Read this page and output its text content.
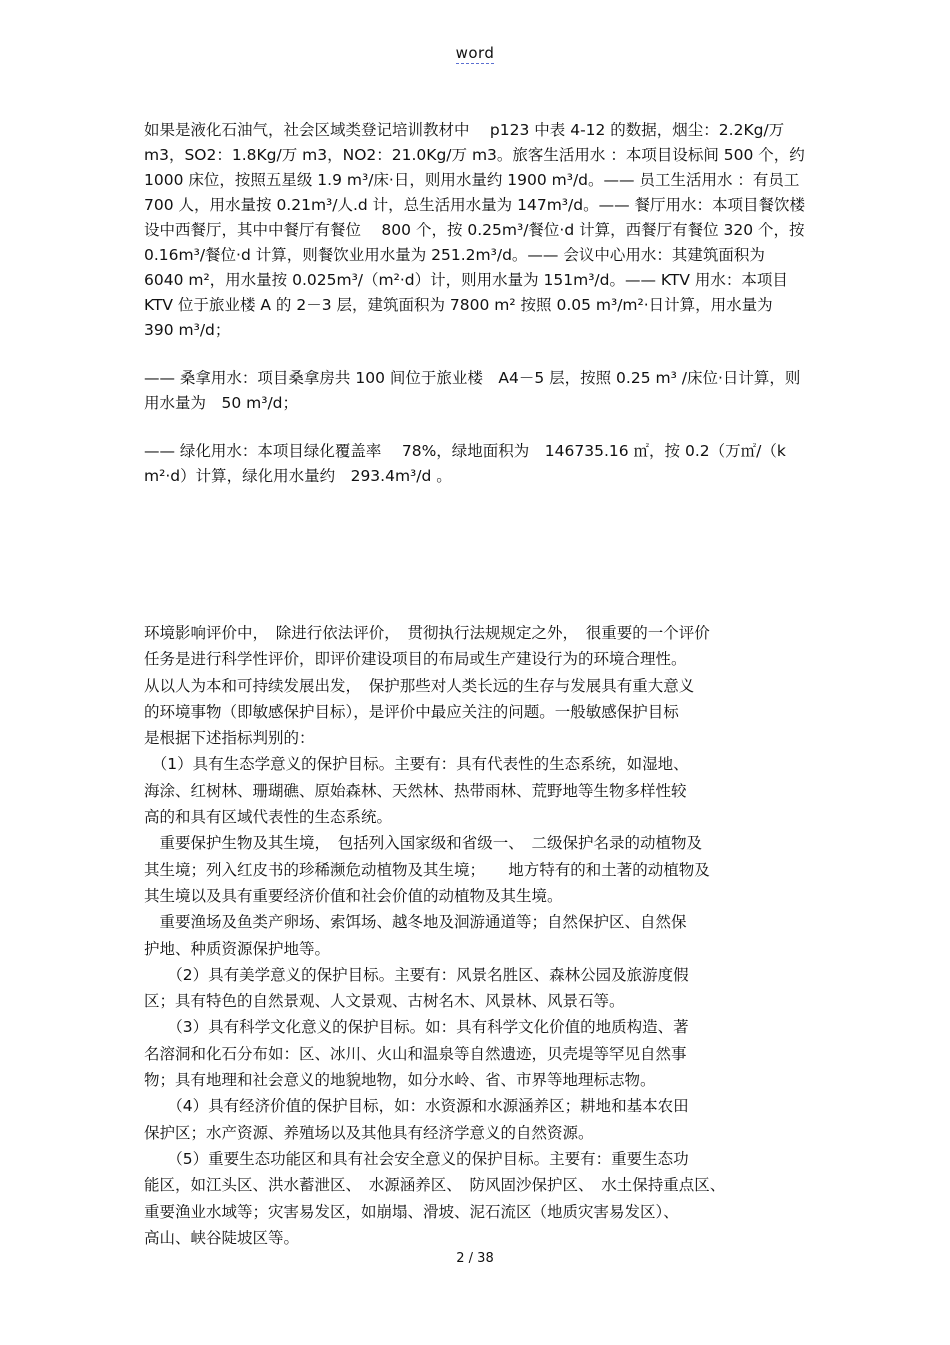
word

如果是液化石油气，社会区域类登记培训教材中　 p123 中表 4-12 的数据，烟尘：2.2Kg/万 m3，SO2：1.8Kg/万 m3，NO2：21.0Kg/万 m3。旅客生活用水 ：本项目设标间 500 个，约 1000 床位，按照五星级 1.9 m³/床·日，则用水量约 1900 m³/d。—— 员工生活用水 ：有员工 700 人，用水量按 0.21m³/人.d 计，总生活用水量为 147m³/d。—— 餐厅用水：本项目餐饮楼设中西餐厅，其中中餐厅有餐位　 800 个，按 0.25m³/餐位·d 计算，西餐厅有餐位 320 个，按 0.16m³/餐位·d 计算，则餐饮业用水量为 251.2m³/d。—— 会议中心用水：其建筑面积为　 6040 m²，用水量按 0.025m³/（m²·d）计，则用水量为 151m³/d。—— KTV 用水：本项目 KTV 位于旅业楼 A 的 2－3 层，建筑面积为 7800 m² 按照 0.05 m³/m²·日计算，用水量为　390 m³/d；

—— 桑拿用水：项目桑拿房共 100 间位于旅业楼　A4－5 层，按照 0.25 m³ /床位·日计算，则用水量为　50 m³/d；

—— 绿化用水：本项目绿化覆盖率　 78%，绿地面积为　146735.16 ㎡，按 0.2（万㎡/（k m²·d）计算，绿化用水量约　293.4m³/d 。

环境影响评价中，　除进行依法评价，　贯彻执行法规规定之外，　很重要的一个评价

任务是进行科学性评价，即评价建设项目的布局或生产建设行为的环境合理性。

从以人为本和可持续发展出发，　保护那些对人类长远的生存与发展具有重大意义

的环境事物（即敏感保护目标），是评价中最应关注的问题。一般敏感保护目标

是根据下述指标判别的：

　（1）具有生态学意义的保护目标。主要有：具有代表性的生态系统，如湿地、

海涂、红树林、珊瑚礁、原始森林、天然林、热带雨林、荒野地等生物多样性较

高的和具有区域代表性的生态系统。

　重要保护生物及其生境，　包括列入国家级和省级一、　二级保护名录的动植物及

其生境；列入红皮书的珍稀濒危动植物及其生境；　　地方特有的和土著的动植物及

其生境以及具有重要经济价值和社会价值的动植物及其生境。

　重要渔场及鱼类产卵场、索饵场、越冬地及洄游通道等；自然保护区、自然保

护地、种质资源保护地等。

　　（2）具有美学意义的保护目标。主要有：风景名胜区、森林公园及旅游度假

区；具有特色的自然景观、人文景观、古树名木、风景林、风景石等。

　　（3）具有科学文化意义的保护目标。如：具有科学文化价值的地质构造、著

名溶洞和化石分布如：区、冰川、火山和温泉等自然遗迹，贝壳堤等罕见自然事

物；具有地理和社会意义的地貌地物，如分水岭、省、市界等地理标志物。

　　（4）具有经济价值的保护目标，如：水资源和水源涵养区；耕地和基本农田

保护区；水产资源、养殖场以及其他具有经济学意义的自然资源。

　　（5）重要生态功能区和具有社会安全意义的保护目标。主要有：重要生态功

能区，如江头区、洪水蓄泄区、　水源涵养区、　防风固沙保护区、　水土保持重点区、

重要渔业水域等；灾害易发区，如崩塌、滑坡、泥石流区（地质灾害易发区）、

高山、峡谷陡坡区等。

2 / 38
